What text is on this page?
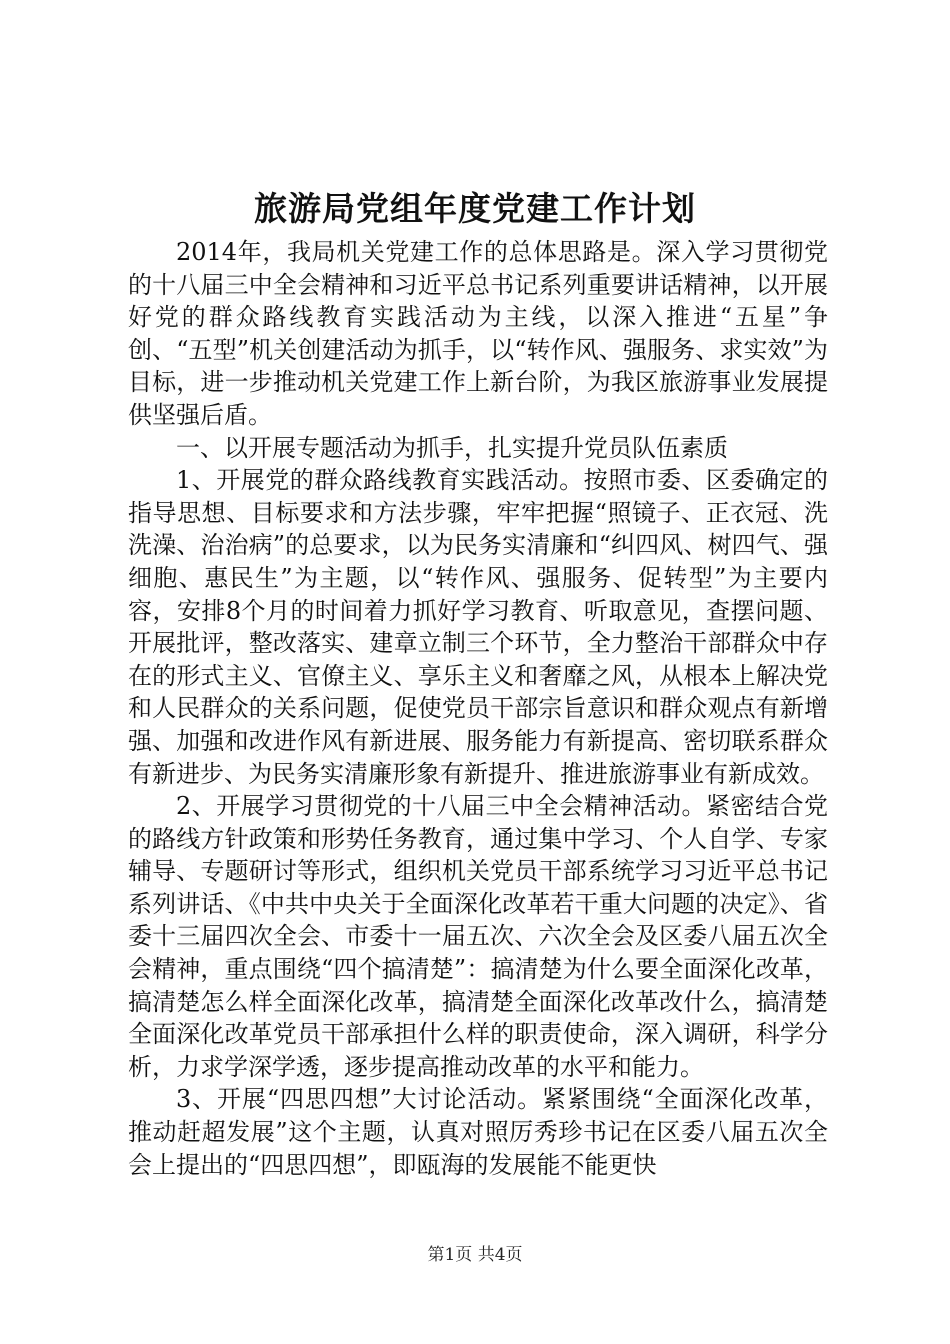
旅游局党组年度党建工作计划

2014年，我局机关党建工作的总体思路是。深入学习贯彻党的十八届三中全会精神和习近平总书记系列重要讲话精神，以开展好党的群众路线教育实践活动为主线，以深入推进“五星”争创、“五型”机关创建活动为抓手，以“转作风、强服务、求实效”为目标，进一步推动机关党建工作上新台阶，为我区旅游事业发展提供坚强后盾。

一、以开展专题活动为抓手，扎实提升党员队伍素质

1、开展党的群众路线教育实践活动。按照市委、区委确定的指导思想、目标要求和方法步骤，牢牢把握“照镜子、正衣冠、洗洗澡、治治病”的总要求，以为民务实清廉和“纠四风、树四气、强细胞、惠民生”为主题，以“转作风、强服务、促转型”为主要内容，安排8个月的时间着力抓好学习教育、听取意见，查摆问题、开展批评，整改落实、建章立制三个环节，全力整治干部群众中存在的形式主义、官僚主义、享乐主义和奢靡之风，从根本上解决党和人民群众的关系问题，促使党员干部宗旨意识和群众观点有新增强、加强和改进作风有新进展、服务能力有新提高、密切联系群众有新进步、为民务实清廉形象有新提升、推进旅游事业有新成效。

2、开展学习贯彻党的十八届三中全会精神活动。紧密结合党的路线方针政策和形势任务教育，通过集中学习、个人自学、专家辅导、专题研讨等形式，组织机关党员干部系统学习习近平总书记系列讲话、《中共中央关于全面深化改革若干重大问题的决定》、省委十三届四次全会、市委十一届五次、六次全会及区委八届五次全会精神，重点围绕“四个搞清楚”：搞清楚为什么要全面深化改革，搞清楚怎么样全面深化改革，搞清楚全面深化改革改什么，搞清楚全面深化改革党员干部承担什么样的职责使命，深入调研，科学分析，力求学深学透，逐步提高推动改革的水平和能力。

3、开展“四思四想”大讨论活动。紧紧围绕“全面深化改革，推动赶超发展”这个主题，认真对照厉秀珍书记在区委八届五次全会上提出的“四思四想”，即瓯海的发展能不能更快

第1页 共4页
